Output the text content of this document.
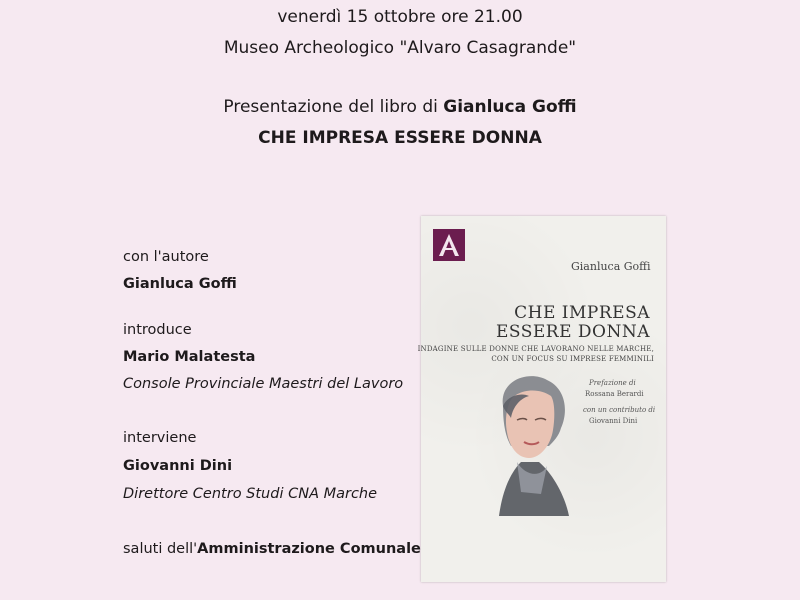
venerdì 15 ottobre ore 21.00
Museo Archeologico "Alvaro Casagrande"
Presentazione del libro di Gianluca Goffi
CHE IMPRESA ESSERE DONNA
con l'autore
Gianluca Goffi
introduce
Mario Malatesta
Console Provinciale Maestri del Lavoro
interviene
Giovanni Dini
Direttore Centro Studi CNA Marche
saluti dell'Amministrazione Comunale
Gianluca Goffi
CHE IMPRESA
ESSERE DONNA
INDAGINE SULLE DONNE CHE LAVORANO NELLE MARCHE,
CON UN FOCUS SU IMPRESE FEMMINILI
Prefazione di
Rossana Berardi
con un contributo di
Giovanni Dini
